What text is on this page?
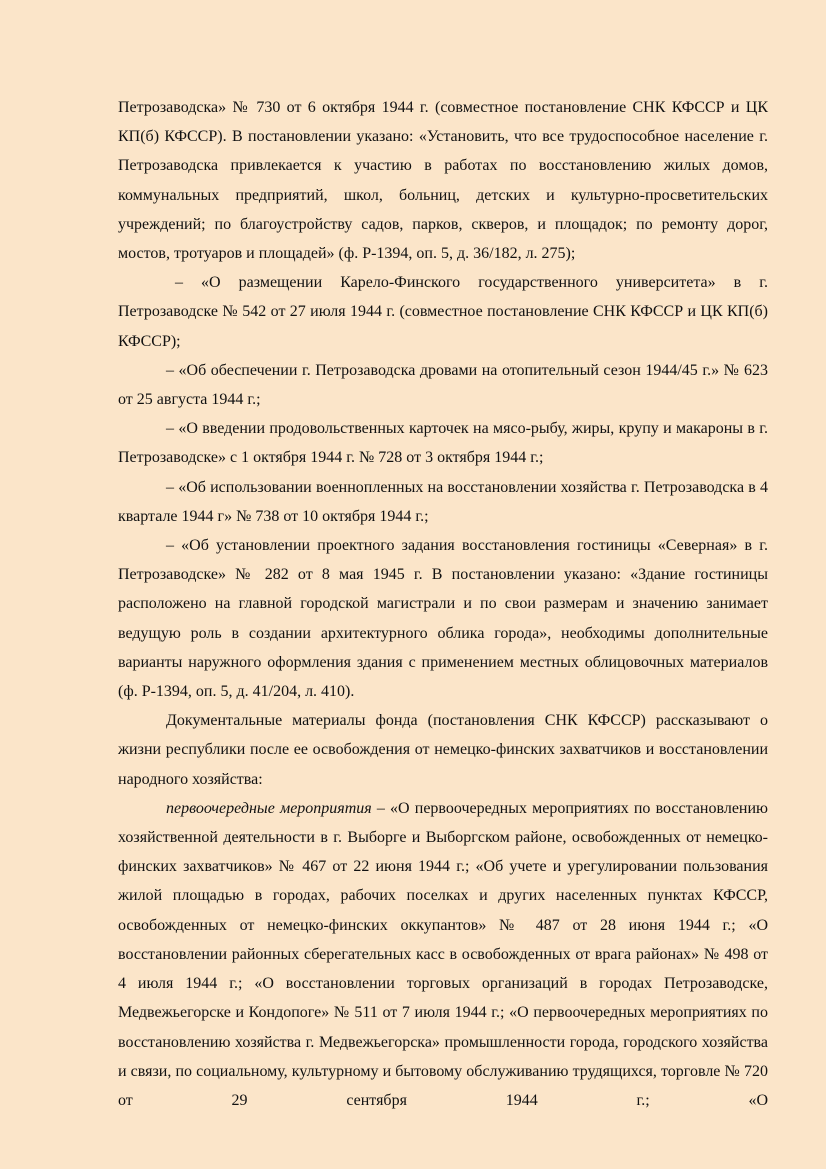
Петрозаводска» № 730 от 6 октября 1944 г. (совместное постановление СНК КФССР и ЦК КП(б) КФССР). В постановлении указано: «Установить, что все трудоспособное население г. Петрозаводска привлекается к участию в работах по восстановлению жилых домов, коммунальных предприятий, школ, больниц, детских и культурно-просветительских учреждений; по благоустройству садов, парков, скверов, и площадок; по ремонту дорог, мостов, тротуаров и площадей» (ф. Р-1394, оп. 5, д. 36/182, л. 275);

– «О размещении Карело-Финского государственного университета» в г. Петрозаводске № 542 от 27 июля 1944 г. (совместное постановление СНК КФССР и ЦК КП(б) КФССР);

– «Об обеспечении г. Петрозаводска дровами на отопительный сезон 1944/45 г.» № 623 от 25 августа 1944 г.;

– «О введении продовольственных карточек на мясо-рыбу, жиры, крупу и макароны в г. Петрозаводске» с 1 октября 1944 г. № 728 от 3 октября 1944 г.;

– «Об использовании военнопленных на восстановлении хозяйства г. Петрозаводска в 4 квартале 1944 г» № 738 от 10 октября 1944 г.;

– «Об установлении проектного задания восстановления гостиницы «Северная» в г. Петрозаводске» № 282 от 8 мая 1945 г. В постановлении указано: «Здание гостиницы расположено на главной городской магистрали и по свои размерам и значению занимает ведущую роль в создании архитектурного облика города», необходимы дополнительные варианты наружного оформления здания с применением местных облицовочных материалов (ф. Р-1394, оп. 5, д. 41/204, л. 410).

Документальные материалы фонда (постановления СНК КФССР) рассказывают о жизни республики после ее освобождения от немецко-финских захватчиков и восстановлении народного хозяйства:

первоочередные мероприятия – «О первоочередных мероприятиях по восстановлению хозяйственной деятельности в г. Выборге и Выборгском районе, освобожденных от немецко-финских захватчиков» № 467 от 22 июня 1944 г.; «Об учете и урегулировании пользования жилой площадью в городах, рабочих поселках и других населенных пунктах КФССР, освобожденных от немецко-финских оккупантов» № 487 от 28 июня 1944 г.; «О восстановлении районных сберегательных касс в освобожденных от врага районах» № 498 от 4 июля 1944 г.; «О восстановлении торговых организаций в городах Петрозаводске, Медвежьегорске и Кондопоге» № 511 от 7 июля 1944 г.; «О первоочередных мероприятиях по восстановлению хозяйства г. Медвежьегорска» промышленности города, городского хозяйства и связи, по социальному, культурному и бытовому обслуживанию трудящихся, торговле № 720 от 29 сентября 1944 г.; «О
